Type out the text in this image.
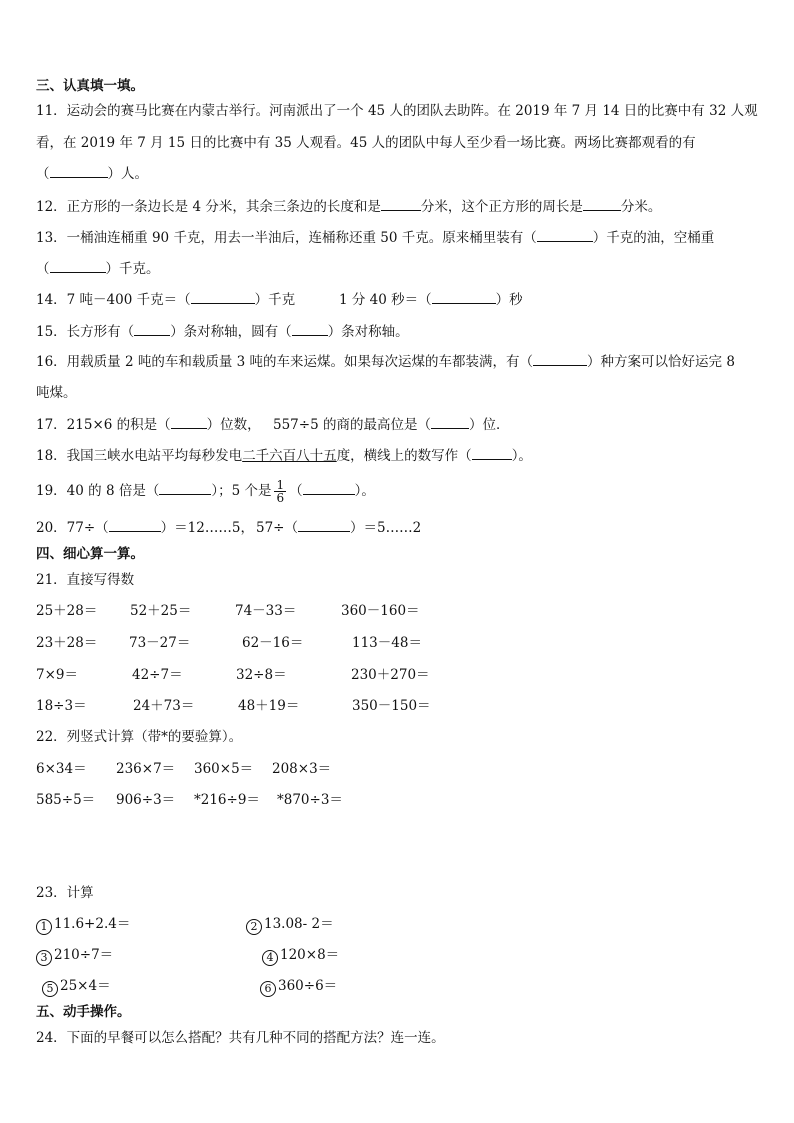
三、认真填一填。
11．运动会的赛马比赛在内蒙古举行。河南派出了一个 45 人的团队去助阵。在 2019 年 7 月 14 日的比赛中有 32 人观
看，在 2019 年 7 月 15 日的比赛中有 35 人观看。45 人的团队中每人至少看一场比赛。两场比赛都观看的有
（	）人。
12．正方形的一条边长是 4 分米，其余三条边的长度和是	分米，这个正方形的周长是	分米。
13．一桶油连桶重 90 千克，用去一半油后，连桶称还重 50 千克。原来桶里装有（	）千克的油，空桶重
（	）千克。
14．7 吨－400 千克＝（	）千克	1 分 40 秒＝（	）秒
15．长方形有（	）条对称轴，圆有（	）条对称轴。
16．用载质量 2 吨的车和载质量 3 吨的车来运煤。如果每次运煤的车都装满，有（	）种方案可以恰好运完 8
吨煤。
17．215×6 的积是（	）位数， 557÷5 的商的最高位是（	）位．
18．我国三峡水电站平均每秒发电二千六百八十五度，横线上的数写作（	）。
19．40 的 8 倍是（	）；5 个是 $\frac{1}{6}$ （	）。
20．77÷（	）＝12……5， 57÷（	）＝5……2
四、细心算一算。
21．直接写得数
25＋28＝ 52＋25＝	74－33＝	360－160＝
23＋28＝ 73－27＝	62－16＝	113－48＝
7×9＝	42÷7＝	32÷8＝	230＋270＝
18÷3＝	24＋73＝	48＋19＝	350－150＝
22．列竖式计算（带*的要验算）。
6×34＝ 236×7＝ 360×5＝ 208×3＝
585÷5＝ 906÷3＝ *216÷9＝ *870÷3＝
23．计算
1 11.6+2.4＝	2 13.08- 2＝
3 210÷7＝	4 120×8＝
5 25×4＝	6 360÷6＝
五、动手操作。
24．下面的早餐可以怎么搭配？共有几种不同的搭配方法？连一连。
